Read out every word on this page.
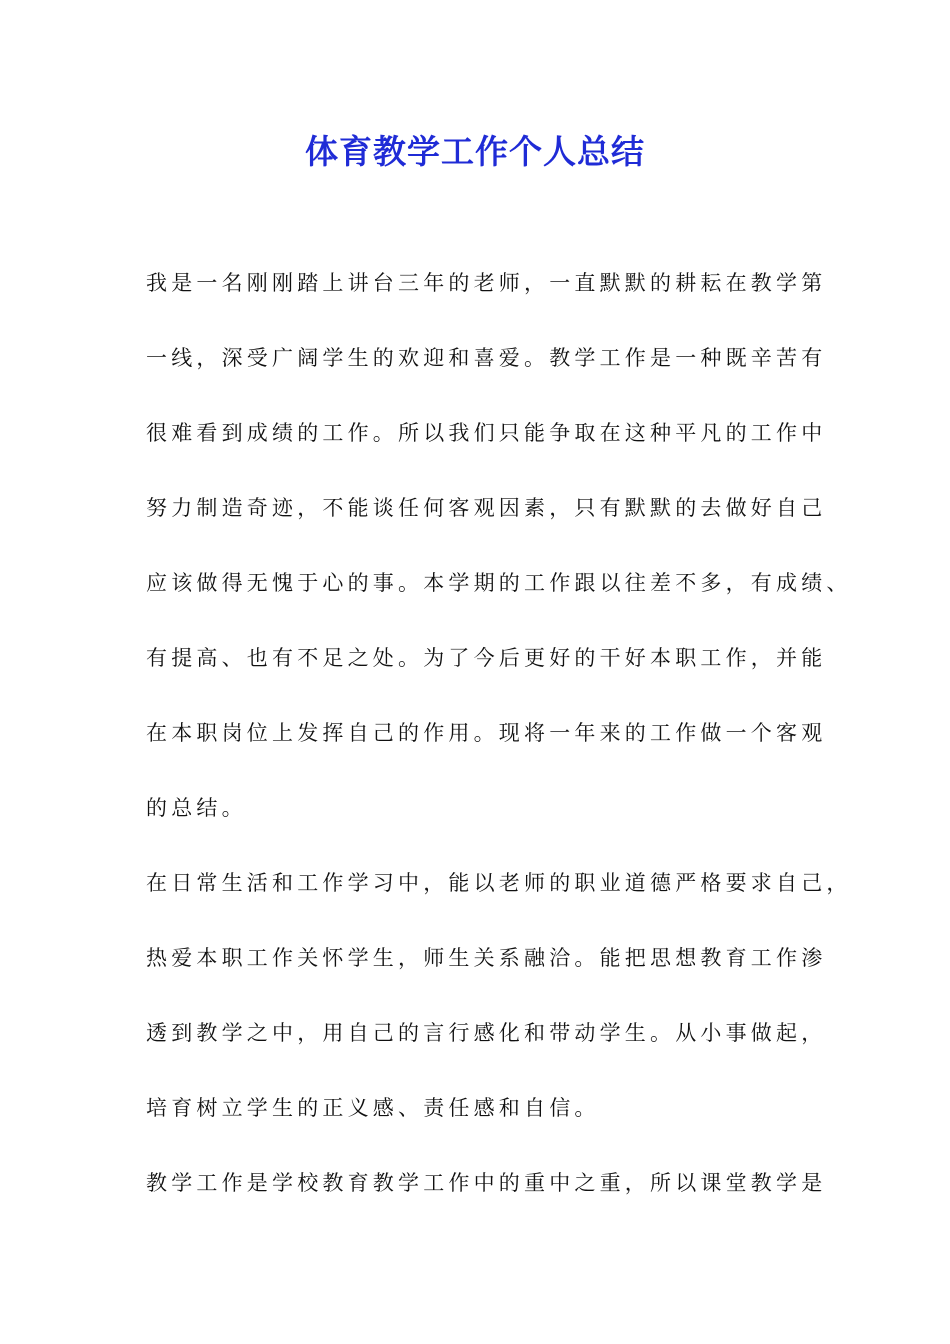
体育教学工作个人总结

我是一名刚刚踏上讲台三年的老师，一直默默的耕耘在教学第

一线，深受广阔学生的欢迎和喜爱。教学工作是一种既辛苦有

很难看到成绩的工作。所以我们只能争取在这种平凡的工作中

努力制造奇迹，不能谈任何客观因素，只有默默的去做好自己

应该做得无愧于心的事。本学期的工作跟以往差不多，有成绩、

有提高、也有不足之处。为了今后更好的干好本职工作，并能

在本职岗位上发挥自己的作用。现将一年来的工作做一个客观

的总结。

在日常生活和工作学习中，能以老师的职业道德严格要求自己，

热爱本职工作关怀学生，师生关系融洽。能把思想教育工作渗

透到教学之中，用自己的言行感化和带动学生。从小事做起，

培育树立学生的正义感、责任感和自信。

教学工作是学校教育教学工作中的重中之重，所以课堂教学是
